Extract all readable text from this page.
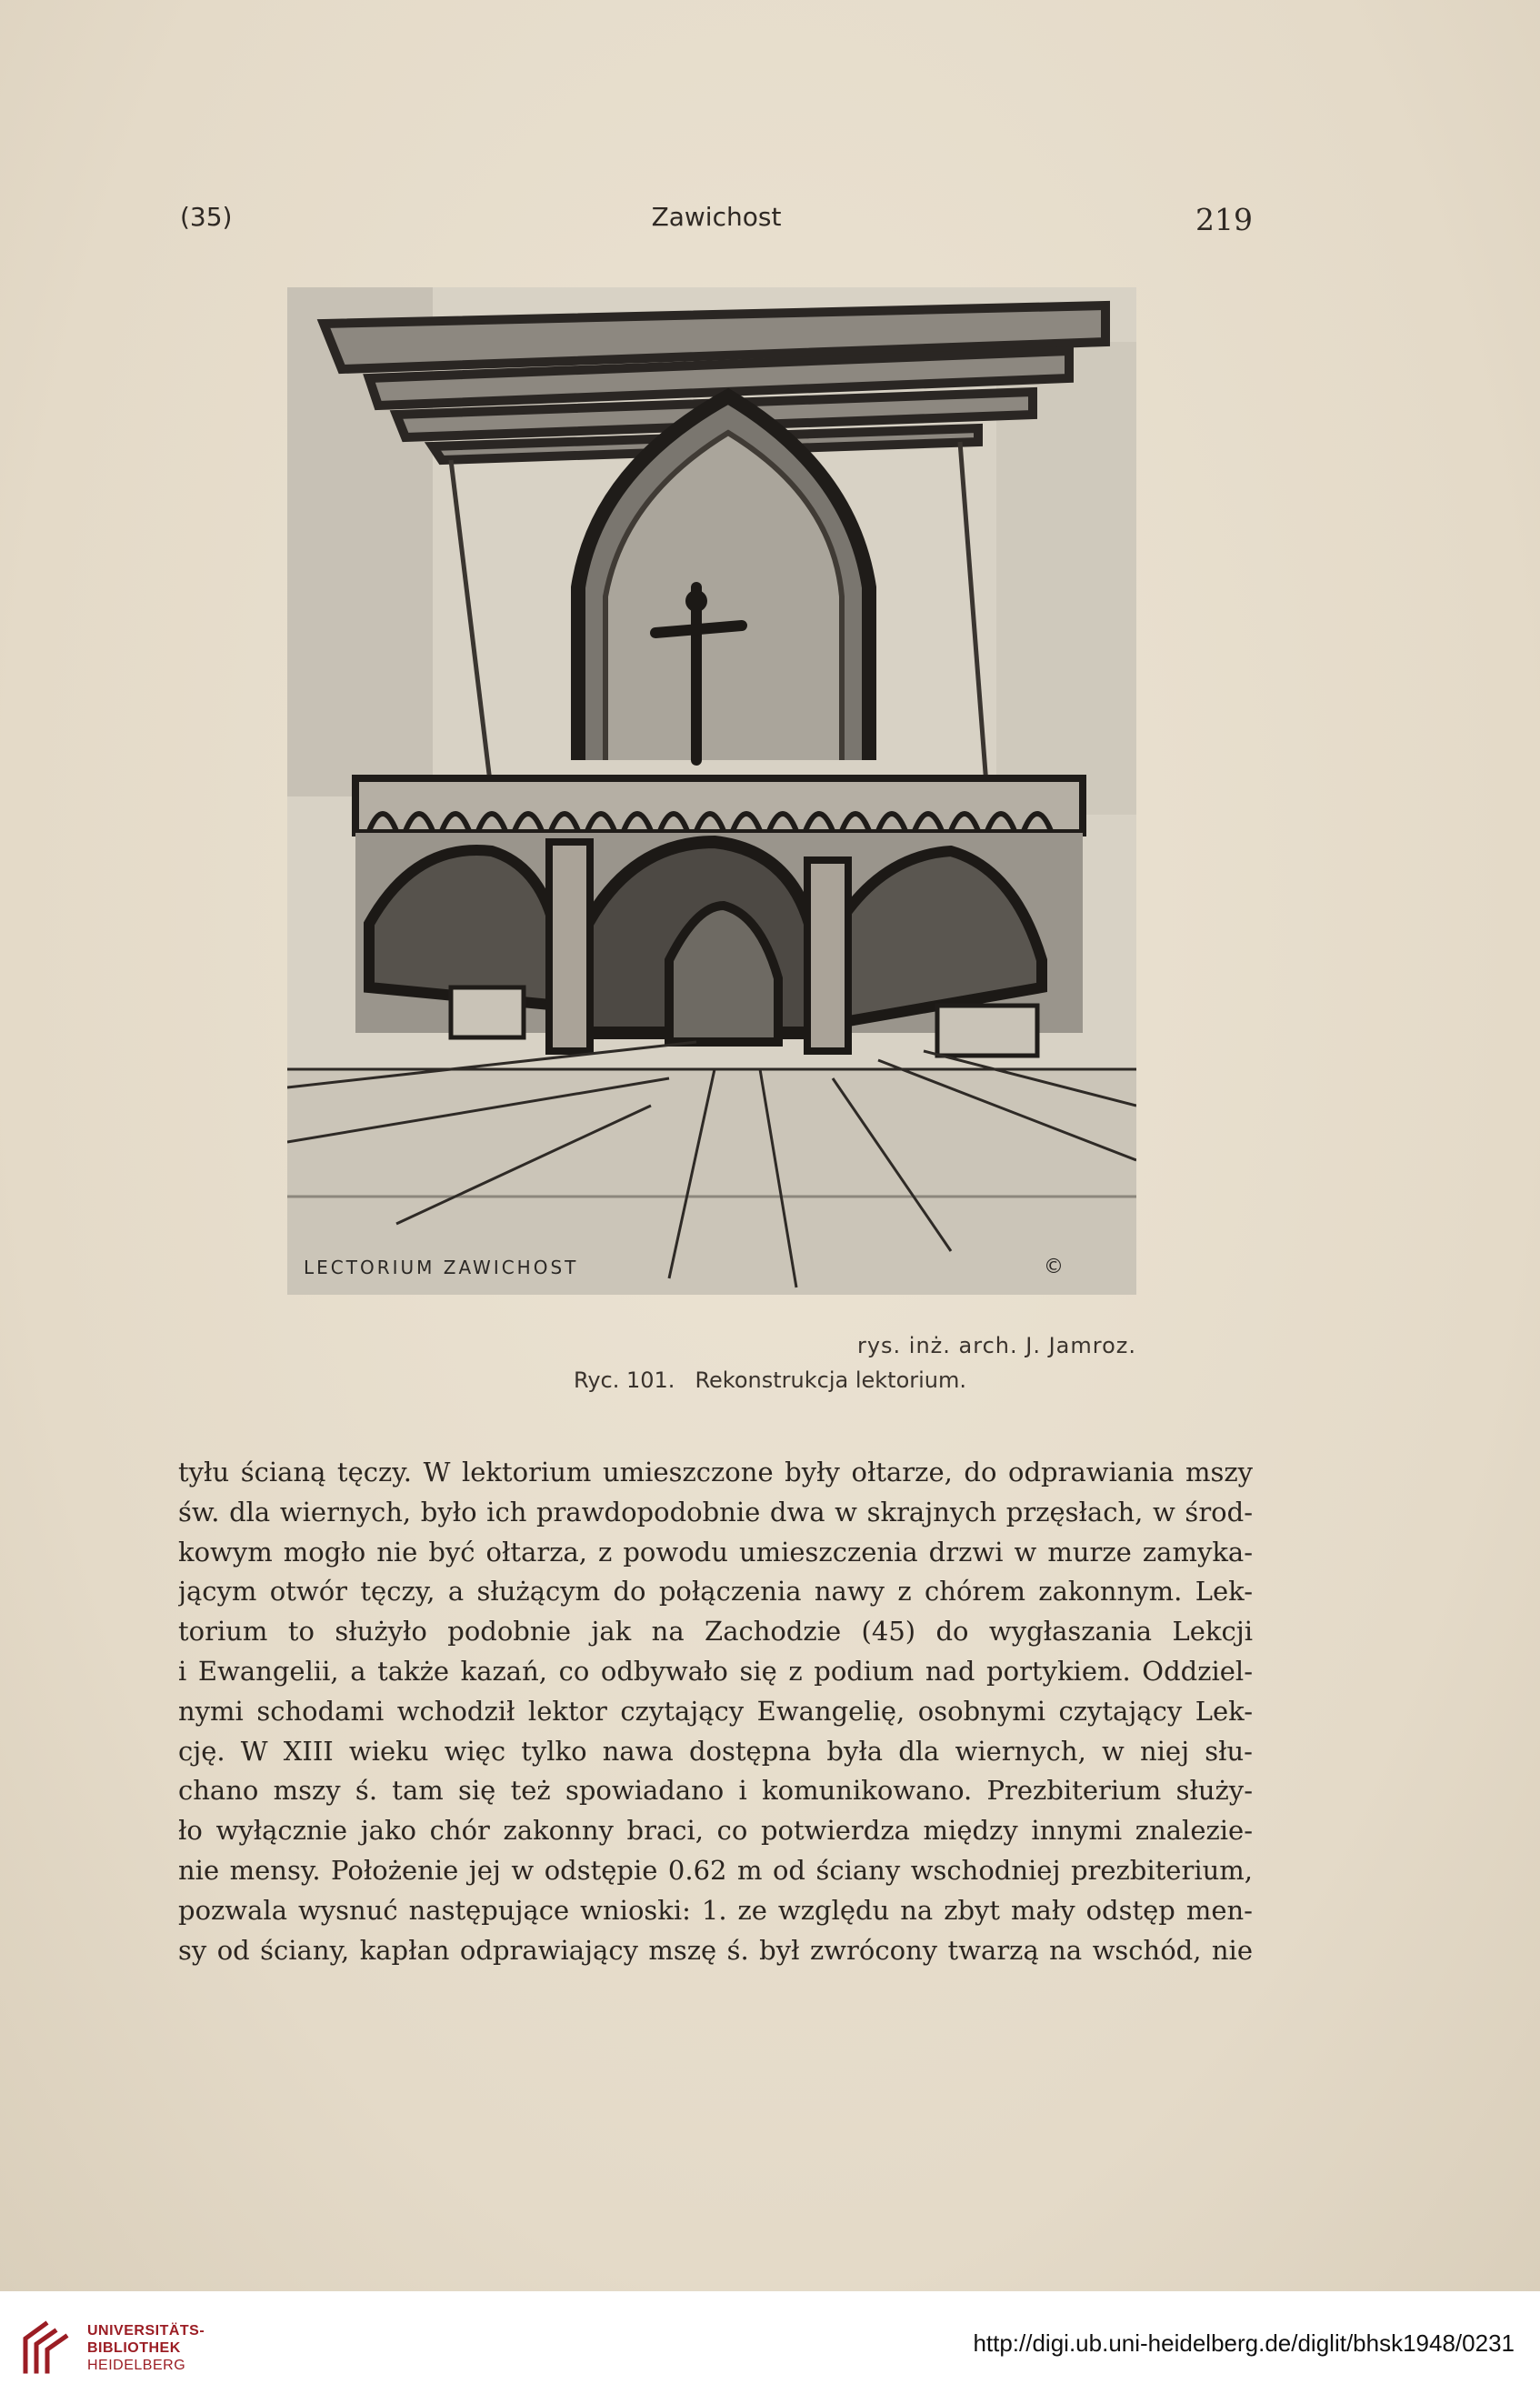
(35)	Zawichost	219
LECTORIUM ZAWICHOST	©
rys. inż. arch. J. Jamroz.
Ryc. 101. Rekonstrukcja lektorium.
tyłu ścianą tęczy. W lektorium umieszczone były ołtarze, do odprawiania mszy
św. dla wiernych, było ich prawdopodobnie dwa w skrajnych przęsłach, w środ-
kowym mogło nie być ołtarza, z powodu umieszczenia drzwi w murze zamyka-
jącym otwór tęczy, a służącym do połączenia nawy z chórem zakonnym. Lek-
torium to służyło podobnie jak na Zachodzie (45) do wygłaszania Lekcji
i Ewangelii, a także kazań, co odbywało się z podium nad portykiem. Oddziel-
nymi schodami wchodził lektor czytający Ewangelię, osobnymi czytający Lek-
cję. W XIII wieku więc tylko nawa dostępna była dla wiernych, w niej słu-
chano mszy ś. tam się też spowiadano i komunikowano. Prezbiterium służy-
ło wyłącznie jako chór zakonny braci, co potwierdza między innymi znalezie-
nie mensy. Położenie jej w odstępie 0.62 m od ściany wschodniej prezbiterium,
pozwala wysnuć następujące wnioski: 1. ze względu na zbyt mały odstęp men-
sy od ściany, kapłan odprawiający mszę ś. był zwrócony twarzą na wschód, nie
UNIVERSITÄTS-
BIBLIOTHEK
HEIDELBERG
http://digi.ub.uni-heidelberg.de/diglit/bhsk1948/0231
